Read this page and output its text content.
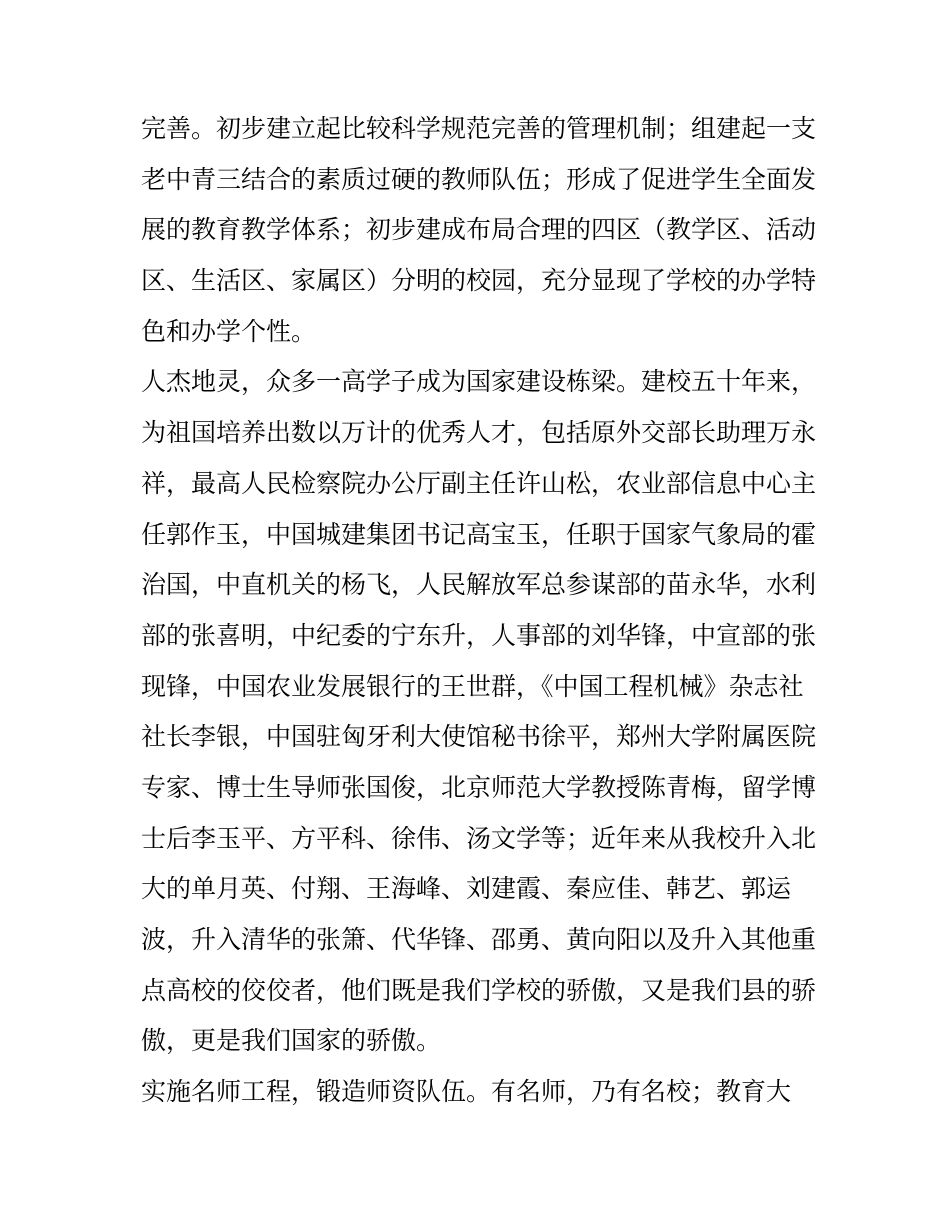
完善。初步建立起比较科学规范完善的管理机制；组建起一支
老中青三结合的素质过硬的教师队伍；形成了促进学生全面发
展的教育教学体系；初步建成布局合理的四区（教学区、活动
区、生活区、家属区）分明的校园，充分显现了学校的办学特
色和办学个性。
人杰地灵，众多一高学子成为国家建设栋梁。建校五十年来，
为祖国培养出数以万计的优秀人才，包括原外交部长助理万永
祥，最高人民检察院办公厅副主任许山松，农业部信息中心主
任郭作玉，中国城建集团书记高宝玉，任职于国家气象局的霍
治国，中直机关的杨飞，人民解放军总参谋部的苗永华，水利
部的张喜明，中纪委的宁东升，人事部的刘华锋，中宣部的张
现锋，中国农业发展银行的王世群，《中国工程机械》杂志社
社长李银，中国驻匈牙利大使馆秘书徐平，郑州大学附属医院
专家、博士生导师张国俊，北京师范大学教授陈青梅，留学博
士后李玉平、方平科、徐伟、汤文学等；近年来从我校升入北
大的单月英、付翔、王海峰、刘建霞、秦应佳、韩艺、郭运
波，升入清华的张箫、代华锋、邵勇、黄向阳以及升入其他重
点高校的佼佼者，他们既是我们学校的骄傲，又是我们县的骄
傲，更是我们国家的骄傲。
实施名师工程，锻造师资队伍。有名师，乃有名校；教育大
